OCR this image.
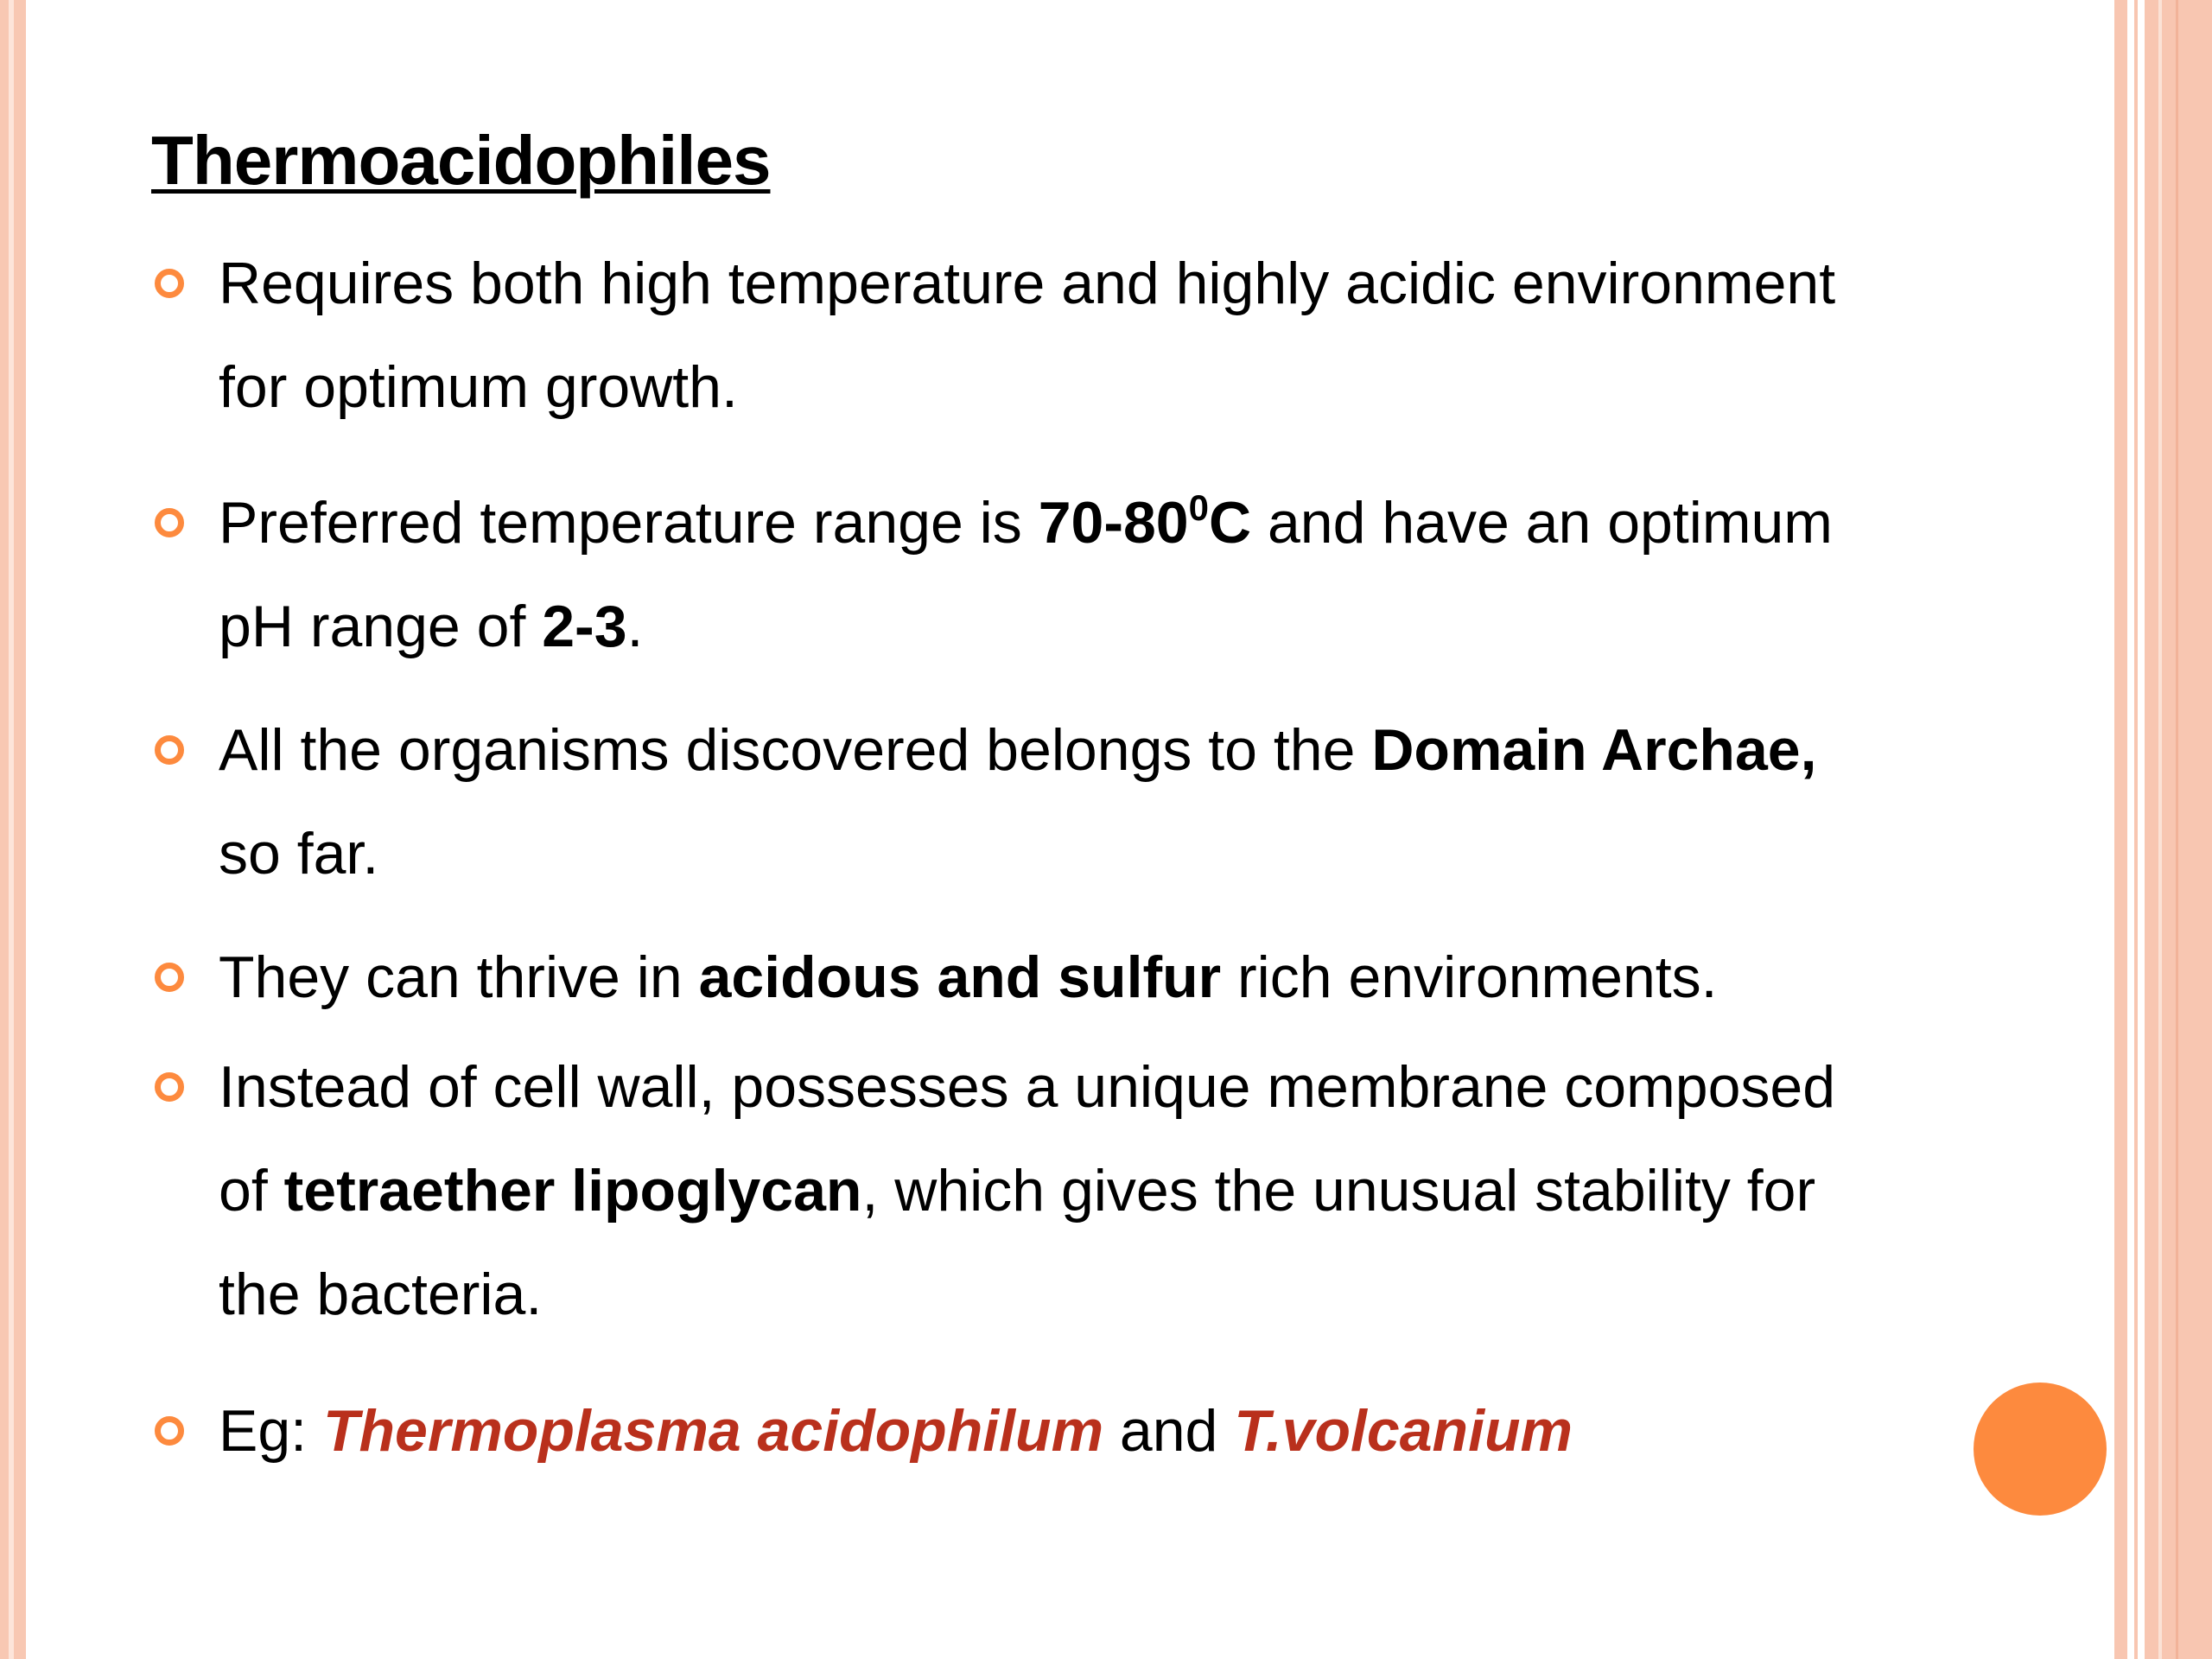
Thermoacidophiles
Requires both high temperature and highly acidic environment
for optimum growth.
Preferred temperature range is $70-80^0C$ and have an optimum
pH range of 2-3.
All the organisms discovered belongs to the Domain Archae,
so far.
They can thrive in acidous and sulfur rich environments.
Instead of cell wall, possesses a unique membrane composed
of tetraether lipoglycan, which gives the unusual stability for
the bacteria.
Eg: Thermoplasma acidophilum and T.volcanium
